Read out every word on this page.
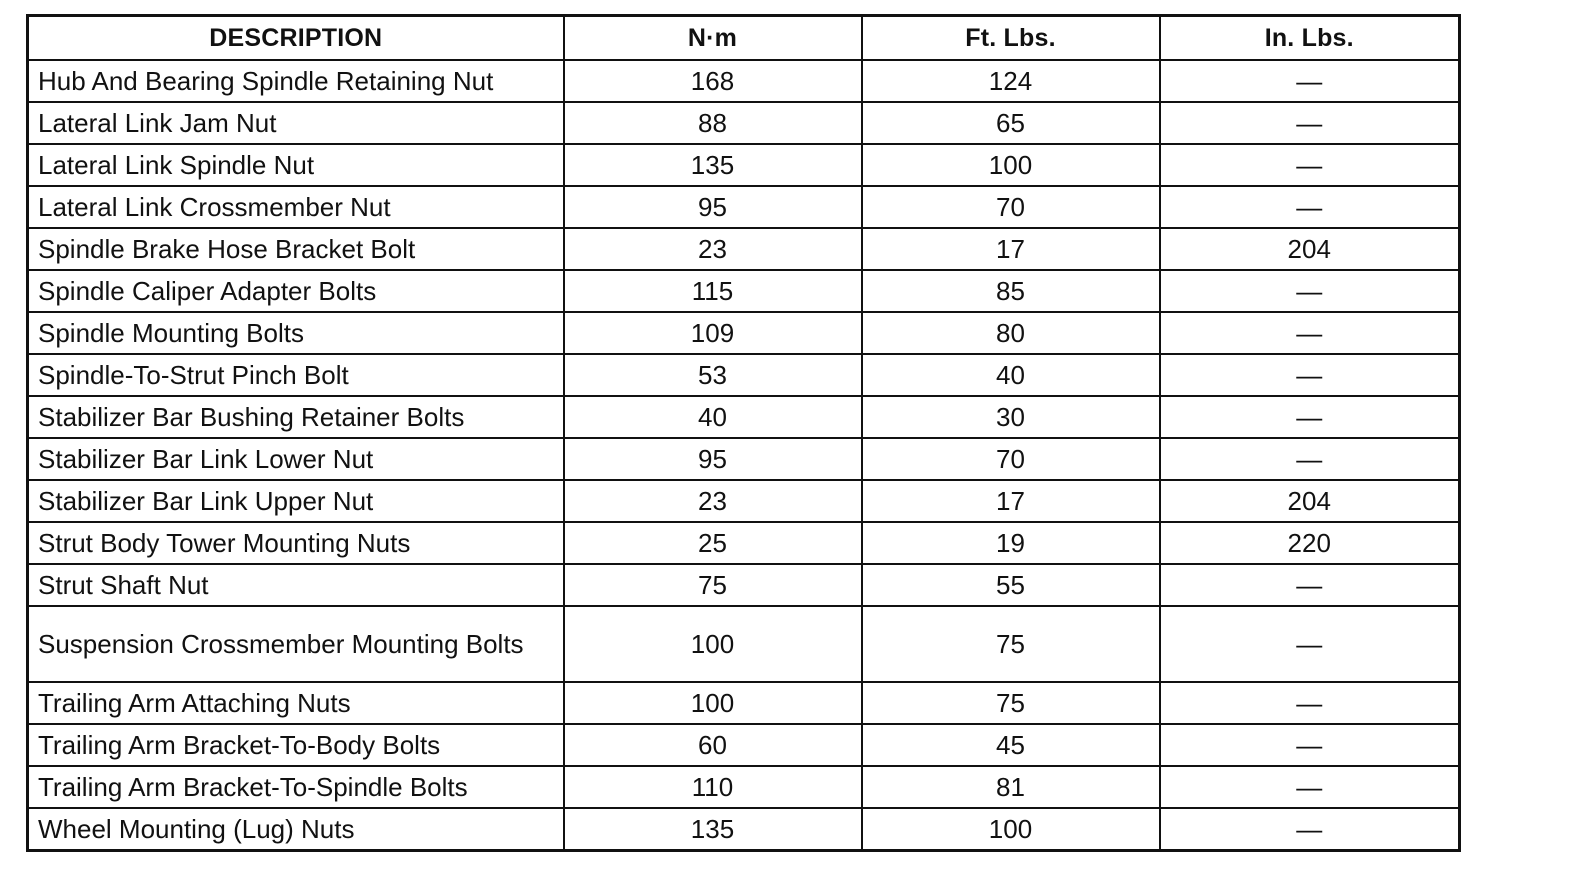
DESCRIPTION	N·m	Ft. Lbs.	In. Lbs.
Hub And Bearing Spindle Retaining Nut	168	124	—
Lateral Link Jam Nut	88	65	—
Lateral Link Spindle Nut	135	100	—
Lateral Link Crossmember Nut	95	70	—
Spindle Brake Hose Bracket Bolt	23	17	204
Spindle Caliper Adapter Bolts	115	85	—
Spindle Mounting Bolts	109	80	—
Spindle-To-Strut Pinch Bolt	53	40	—
Stabilizer Bar Bushing Retainer Bolts	40	30	—
Stabilizer Bar Link Lower Nut	95	70	—
Stabilizer Bar Link Upper Nut	23	17	204
Strut Body Tower Mounting Nuts	25	19	220
Strut Shaft Nut	75	55	—
Suspension Crossmember Mounting Bolts	100	75	—
Trailing Arm Attaching Nuts	100	75	—
Trailing Arm Bracket-To-Body Bolts	60	45	—
Trailing Arm Bracket-To-Spindle Bolts	110	81	—
Wheel Mounting (Lug) Nuts	135	100	—
